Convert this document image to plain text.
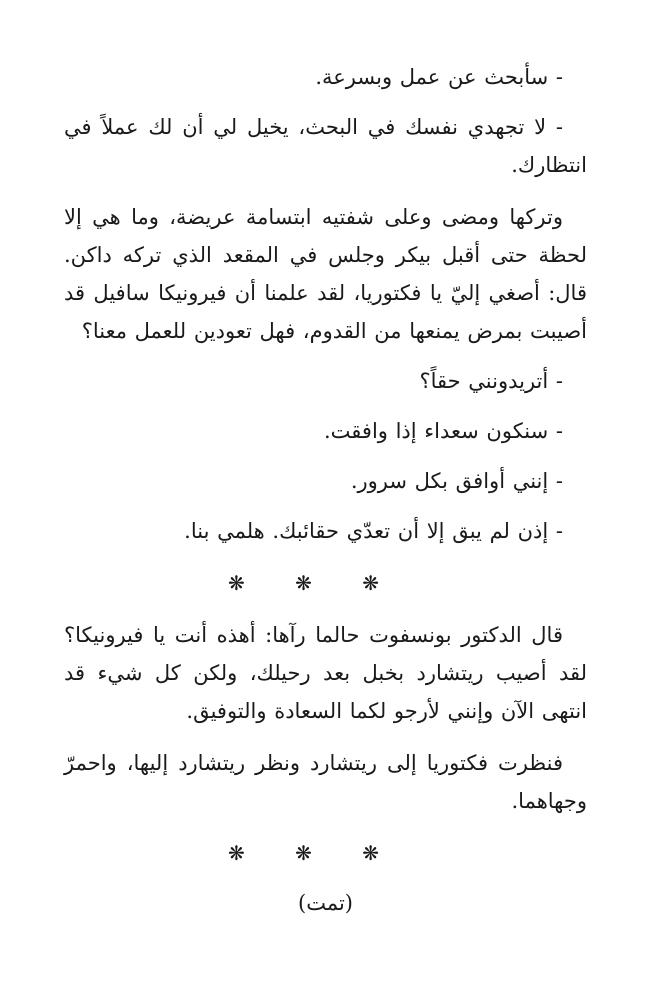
- سأبحث عن عمل وبسرعة.

- لا تجهدي نفسك في البحث، يخيل لي أن لك عملاً في انتظارك.

وتركها ومضى وعلى شفتيه ابتسامة عريضة، وما هي إلا لحظة حتى أقبل بيكر وجلس في المقعد الذي تركه داكن. قال: أصغي إليّ يا فكتوريا، لقد علمنا أن فيرونيكا سافيل قد أصيبت بمرض يمنعها من القدوم، فهل تعودين للعمل معنا؟

- أتريدونني حقاً؟

- سنكون سعداء إذا وافقت.

- إنني أوافق بكل سرور.

- إذن لم يبق إلا أن تعدّي حقائبك. هلمي بنا.

❋ ❋ ❋

قال الدكتور بونسفوت حالما رآها: أهذه أنت يا فيرونيكا؟ لقد أصيب ريتشارد بخبل بعد رحيلك، ولكن كل شيء قد انتهى الآن وإنني لأرجو لكما السعادة والتوفيق.

فنظرت فكتوريا إلى ريتشارد ونظر ريتشارد إليها، واحمرّ وجهاهما.

❋ ❋ ❋

(تمت)
